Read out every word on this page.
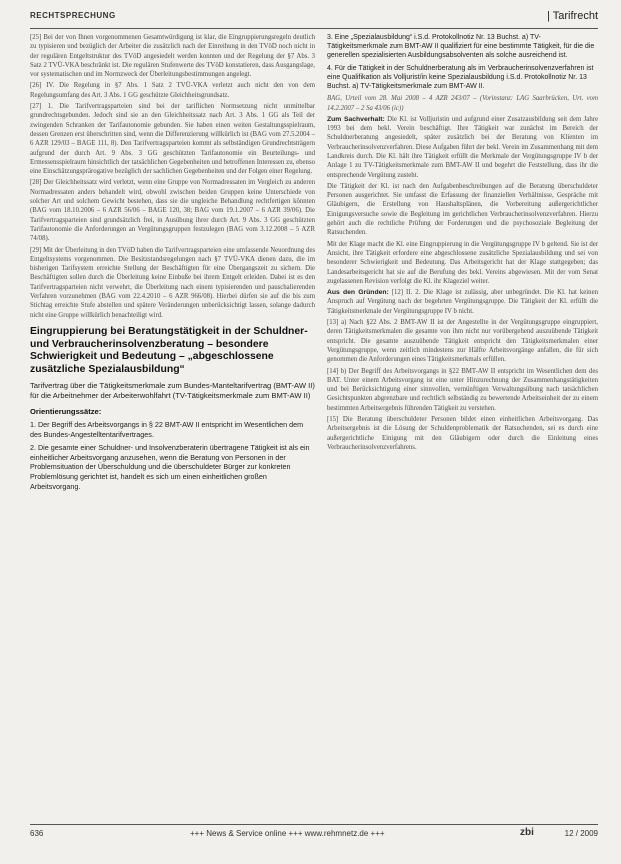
RECHTSPRECHUNG	| Tarifrecht

[25] Bei der von Ihnen vorgenommenen Gesamtwürdigung ist klar, die Eingruppierungsregeln deutlich zu typisieren und bezüglich der Arbeiter die zusätzlich nach der Einreihung in den TVöD noch nicht in der regulären Entgeltstruktur des TVöD angesiedelt werden konnten und der Regelung der §7 Abs. 3 Satz 2 TVÜ-VKA beschränkt ist. Die regulären Stufenwerte des TVöD konstatieren, dass Ausgangslage, vor systematischen und im Normzweck der Überleitungsbestimmungen angelegt.

[26] IV. Die Regelung in §7 Abs. 1 Satz 2 TVÜ-VKA verletzt auch nicht den von dem Regelungsumfang des Art. 3 Abs. 1 GG geschützte Gleichheitsgrundsatz.

[27] 1. Die Tarifvertragsparteien sind bei der tariflichen Normsetzung nicht unmittelbar grundrechtsgebunden. Jedoch sind sie an den Gleichheitssatz nach Art. 3 Abs. 1 GG als Teil der zwingenden Schranken der Tarifautonomie gebunden. Sie haben einen weiten Gestaltungsspielraum, dessen Grenzen erst überschritten sind, wenn die Differenzierung willkürlich ist (BAG vom 27.5.2004 – 6 AZR 129/03 – BAGE 111, 8). Den Tarifvertragsparteien kommt als selbständigen Grundrechtsträgern aufgrund der durch Art. 9 Abs. 3 GG geschützten Tarifautonomie ein Beurteilungs- und Ermessensspielraum hinsichtlich der tatsächlichen Gegebenheiten und betroffenen Interessen zu, ebenso eine Einschätzungsprärogative bezüglich der sachlichen Gegebenheiten und der Folgen einer Regelung.

[28] Der Gleichheitssatz wird verletzt, wenn eine Gruppe von Normadressaten im Vergleich zu anderen Normadressaten anders behandelt wird, obwohl zwischen beiden Gruppen keine Unterschiede von solcher Art und solchem Gewicht bestehen, dass sie die ungleiche Behandlung rechtfertigen könnten (BAG vom 18.10.2006 – 6 AZR 56/06 – BAGE 120, 38; BAG vom 19.1.2007 – 6 AZR 39/06). Die Tarifvertragsparteien sind grundsätzlich frei, in Ausübung ihrer durch Art. 9 Abs. 3 GG geschützten Tarifautonomie die Anforderungen an Vergütungsgruppen festzulegen (BAG vom 3.12.2008 – 5 AZR 74/08).

[29] Mit der Überleitung in den TVöD haben die Tarifvertragsparteien eine umfassende Neuordnung des Entgeltsystems vorgenommen. Die Besitzstandsregelungen nach §7 TVÜ-VKA dienen dazu, die im bisherigen Tarifsystem erreichte Stellung der Beschäftigten für eine Übergangszeit zu sichern. Die Beschäftigten sollen durch die Überleitung keine Einbuße bei ihrem Entgelt erleiden. Dabei ist es den Tarifvertragsparteien nicht verwehrt, die Überleitung nach einem typisierenden und pauschalierenden Verfahren vorzunehmen (BAG vom 22.4.2010 – 6 AZR 966/08). Hierbei dürfen sie auf die bis zum Stichtag erreichte Stufe abstellen und spätere Veränderungen unberücksichtigt lassen, solange dadurch nicht eine Gruppe willkürlich benachteiligt wird.

Eingruppierung bei Beratungstätigkeit in der Schuldner- und Verbraucherinsolvenzberatung – besondere Schwierigkeit und Bedeutung – „abgeschlossene zusätzliche Spezialausbildung“
Tarifvertrag über die Tätigkeitsmerkmale zum Bundes-Manteltarifvertrag (BMT-AW II) für die Arbeitnehmer der Arbeiterwohlfahrt (TV-Tätigkeitsmerkmale zum BMT-AW II)
Orientierungssätze:

1. Der Begriff des Arbeitsvorgangs in § 22 BMT-AW II entspricht im Wesentlichen dem des Bundes-Angestelltentarifvertrages.

2. Die gesamte einer Schuldner- und Insolvenzberaterin übertragene Tätigkeit ist als ein einheitlicher Arbeitsvorgang anzusehen, wenn die Beratung von Personen in der Problemsituation der Überschuldung und die überschuldeter Bürger zur konkreten Problemlösung gerichtet ist, handelt es sich um einen einheitlichen großen Arbeitsvorgang.

3. Eine „Spezialausbildung“ i.S.d. Protokollnotiz Nr. 13 Buchst. a) TV-Tätigkeitsmerkmale zum BMT-AW II qualifiziert für eine bestimmte Tätigkeit, für die die generellen spezialisierten Ausbildungsabsolventen als solche ausreichend ist.

4. Für die Tätigkeit in der Schuldnerberatung als im Verbraucherinsolvenzverfahren ist eine Qualifikation als Volljurist/in keine Spezialausbildung i.S.d. Protokollnotiz Nr. 13 Buchst. a) TV-Tätigkeitsmerkmale zum BMT-AW II.

BAG, Urteil vom 28. Mai 2008 – 4 AZR 243/07 – (Vorinstanz: LAG Saarbrücken, Urt. vom 14.2.2007 – 2 Sa 43/06 (ic))

Zum Sachverhalt: Die Kl. ist Volljuristin und aufgrund einer Zusatzausbildung seit dem Jahre 1993 bei dem bekl. Verein beschäftigt. Ihre Tätigkeit war zunächst im Bereich der Schuldnerberatung angesiedelt, später zusätzlich bei der Beratung von Klienten im Verbraucherinsolvenzverfahren. Diese Aufgaben führt der bekl. Verein im Zusammenhang mit dem Landkreis durch. Die Kl. hält ihre Tätigkeit erfüllt die Merkmale der Vergütungsgruppe IV b der Anlage 1 zu TV-Tätigkeitsmerkmale zum BMT-AW II und begehrt die Feststellung, dass ihr die entsprechende Vergütung zusteht.

Die Tätigkeit der Kl. ist nach den Aufgabenbeschreibungen auf die Beratung überschuldeter Personen ausgerichtet. Sie umfasst die Erfassung der finanziellen Verhältnisse, Gespräche mit Gläubigern, die Erstellung von Haushaltsplänen, die Vorbereitung außergerichtlicher Einigungsversuche sowie die Begleitung im gerichtlichen Verbraucherinsolvenzverfahren. Hierzu gehört auch die rechtliche Prüfung der Forderungen und die psychosoziale Begleitung der Ratsuchenden.

Mit der Klage macht die Kl. eine Eingruppierung in die Vergütungsgruppe IV b geltend. Sie ist der Ansicht, ihre Tätigkeit erfordere eine abgeschlossene zusätzliche Spezialausbildung und sei von besonderer Schwierigkeit und Bedeutung. Das Arbeitsgericht hat der Klage stattgegeben; das Landesarbeitsgericht hat sie auf die Berufung des bekl. Vereins abgewiesen. Mit der vom Senat zugelassenen Revision verfolgt die Kl. ihr Klageziel weiter.

Aus den Gründen: [12] II. 2. Die Klage ist zulässig, aber unbegründet. Die Kl. hat keinen Anspruch auf Vergütung nach der begehrten Vergütungsgruppe. Die Tätigkeit der Kl. erfüllt die Tätigkeitsmerkmale der Vergütungsgruppe IV b nicht.

[13] a) Nach §22 Abs. 2 BMT-AW II ist der Angestellte in der Vergütungsgruppe eingruppiert, deren Tätigkeitsmerkmalen die gesamte von ihm nicht nur vorübergehend auszuübende Tätigkeit entspricht. Die gesamte auszuübende Tätigkeit entspricht den Tätigkeitsmerkmalen einer Vergütungsgruppe, wenn zeitlich mindestens zur Hälfte Arbeitsvorgänge anfallen, die für sich genommen die Anforderungen eines Tätigkeitsmerkmals erfüllen.

[14] b) Der Begriff des Arbeitsvorgangs in §22 BMT-AW II entspricht im Wesentlichen dem des BAT. Unter einem Arbeitsvorgang ist eine unter Hinzurechnung der Zusammenhangstätigkeiten und bei Berücksichtigung einer sinnvollen, vernünftigen Verwaltungsübung nach tatsächlichen Gesichtspunkten abgrenzbare und rechtlich selbständig zu bewertende Arbeitseinheit der zu einem bestimmten Arbeitsergebnis führenden Tätigkeit zu verstehen.

[15] Die Beratung überschuldeter Personen bildet einen einheitlichen Arbeitsvorgang. Das Arbeitsergebnis ist die Lösung der Schuldenproblematik der Ratsuchenden, sei es durch eine außergerichtliche Einigung mit den Gläubigern oder durch die Einleitung eines Verbraucherinsolvenzverfahrens.

636	+++ News & Service online +++ www.rehmnetz.de +++	zbi	12 / 2009
